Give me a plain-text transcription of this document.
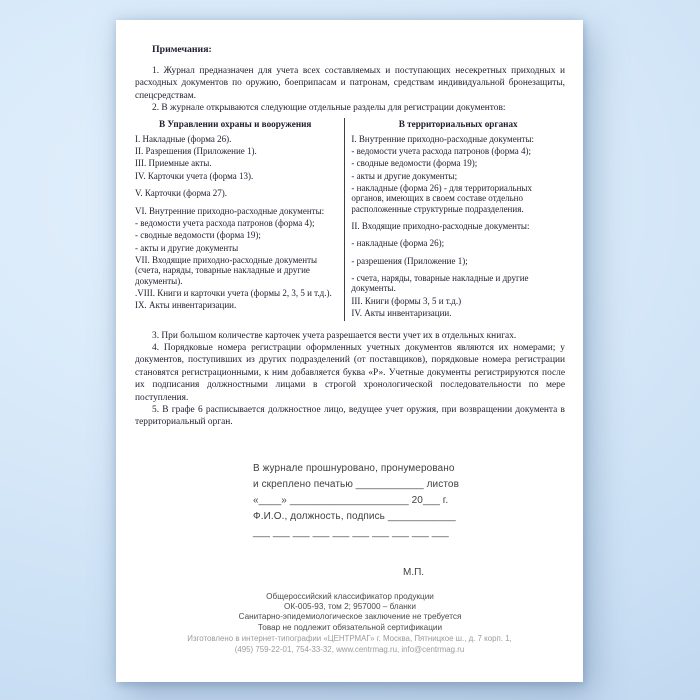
Примечания:

1. Журнал предназначен для учета всех составляемых и поступающих несекретных приходных и расходных документов по оружию, боеприпасам и патронам, средствам индивидуальной бронезащиты, спецсредствам.

2. В журнале открываются следующие отдельные разделы для регистрации документов:

В Управлении охраны и вооружения
I. Накладные (форма 26).
II. Разрешения (Приложение 1).
III. Приемные акты.
IV. Карточки учета (форма 13).

V. Карточки (форма 27).

VI. Внутренние приходно-расходные документы:
- ведомости учета расхода патронов (форма 4);
- сводные ведомости (форма 19);
- акты и другие документы
VII. Входящие приходно-расходные документы (счета, наряды, товарные накладные и другие документы).
.VIII. Книги и карточки учета (формы 2, 3, 5 и т.д.).
IX. Акты инвентаризации.
В территориальных органах
I. Внутренние приходно-расходные документы:
- ведомости учета расхода патронов (форма 4);
- сводные ведомости (форма 19);
- акты и другие документы;
- накладные (форма 26) - для территориальных органов, имеющих в своем составе отдельно расположенные структурные подразделения.

II. Входящие приходно-расходные документы:

- накладные (форма 26);

- разрешения (Приложение 1);

- счета, наряды, товарные накладные и другие документы.
III. Книги (формы 3, 5 и т.д.)
IV. Акты инвентаризации.

3. При большом количестве карточек учета разрешается вести учет их в отдельных книгах.

4. Порядковые номера регистрации оформленных учетных документов являются их номерами; у документов, поступивших из других подразделений (от поставщиков), порядковые номера регистрации становятся регистрационными, к ним добавляется буква «Р». Учетные документы регистрируются после их подписания должностными лицами в строгой хронологической последовательности по мере поступления.

5. В графе 6 расписывается должностное лицо, ведущее учет оружия, при возвращении документа в территориальный орган.

В журнале прошнуровано, пронумеровано
и скреплено печатью ____________ листов
«____» _____________________ 20___ г.
Ф.И.О., должность, подпись ____________
___ ___ ___ ___ ___ ___ ___ ___ ___ ___
М.П.
Общероссийский классификатор продукции
ОК-005-93, том 2; 957000 – бланки
Санитарно-эпидемиологическое заключение не требуется
Товар не подлежит обязательной сертификации
Изготовлено в интернет-типографии «ЦЕНТРМАГ» г. Москва, Пятницкое ш., д. 7 корп. 1,
(495) 759-22-01, 754-33-32, www.centrmag.ru, info@centrmag.ru
